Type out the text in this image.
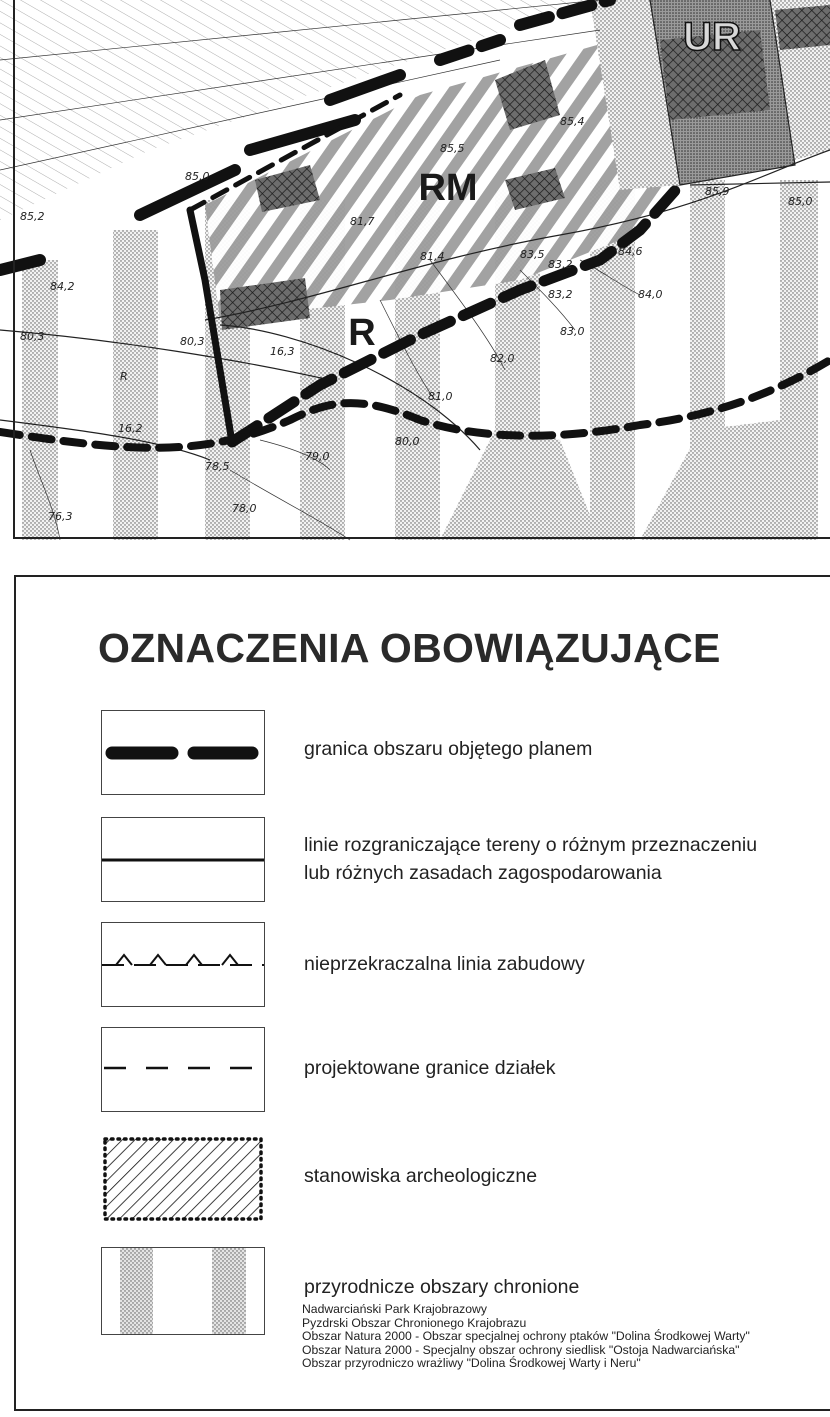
UR
RM
R
85,2
85,0
85,4
85,5
84,6
84,0
83,2
83,0
82,0
81,0
80,0
79,0
78,0
83,2
84,2
80,3	80,3
78,5
76,3
85,9
85,0
81,7
81,4	83,5
16,2
16,3
R
OZNACZENIA OBOWIĄZUJĄCE
granica obszaru objętego planem
linie rozgraniczające tereny o różnym przeznaczeniu
lub różnych zasadach zagospodarowania
nieprzekraczalna linia zabudowy
projektowane granice działek
stanowiska archeologiczne
przyrodnicze obszary chronione
Nadwarciański Park Krajobrazowy
Pyzdrski Obszar Chronionego Krajobrazu
Obszar Natura 2000 - Obszar specjalnej ochrony ptaków "Dolina Środkowej Warty"
Obszar Natura 2000 - Specjalny obszar ochrony siedlisk "Ostoja Nadwarciańska"
Obszar przyrodniczo wrażliwy "Dolina Środkowej Warty i Neru"
